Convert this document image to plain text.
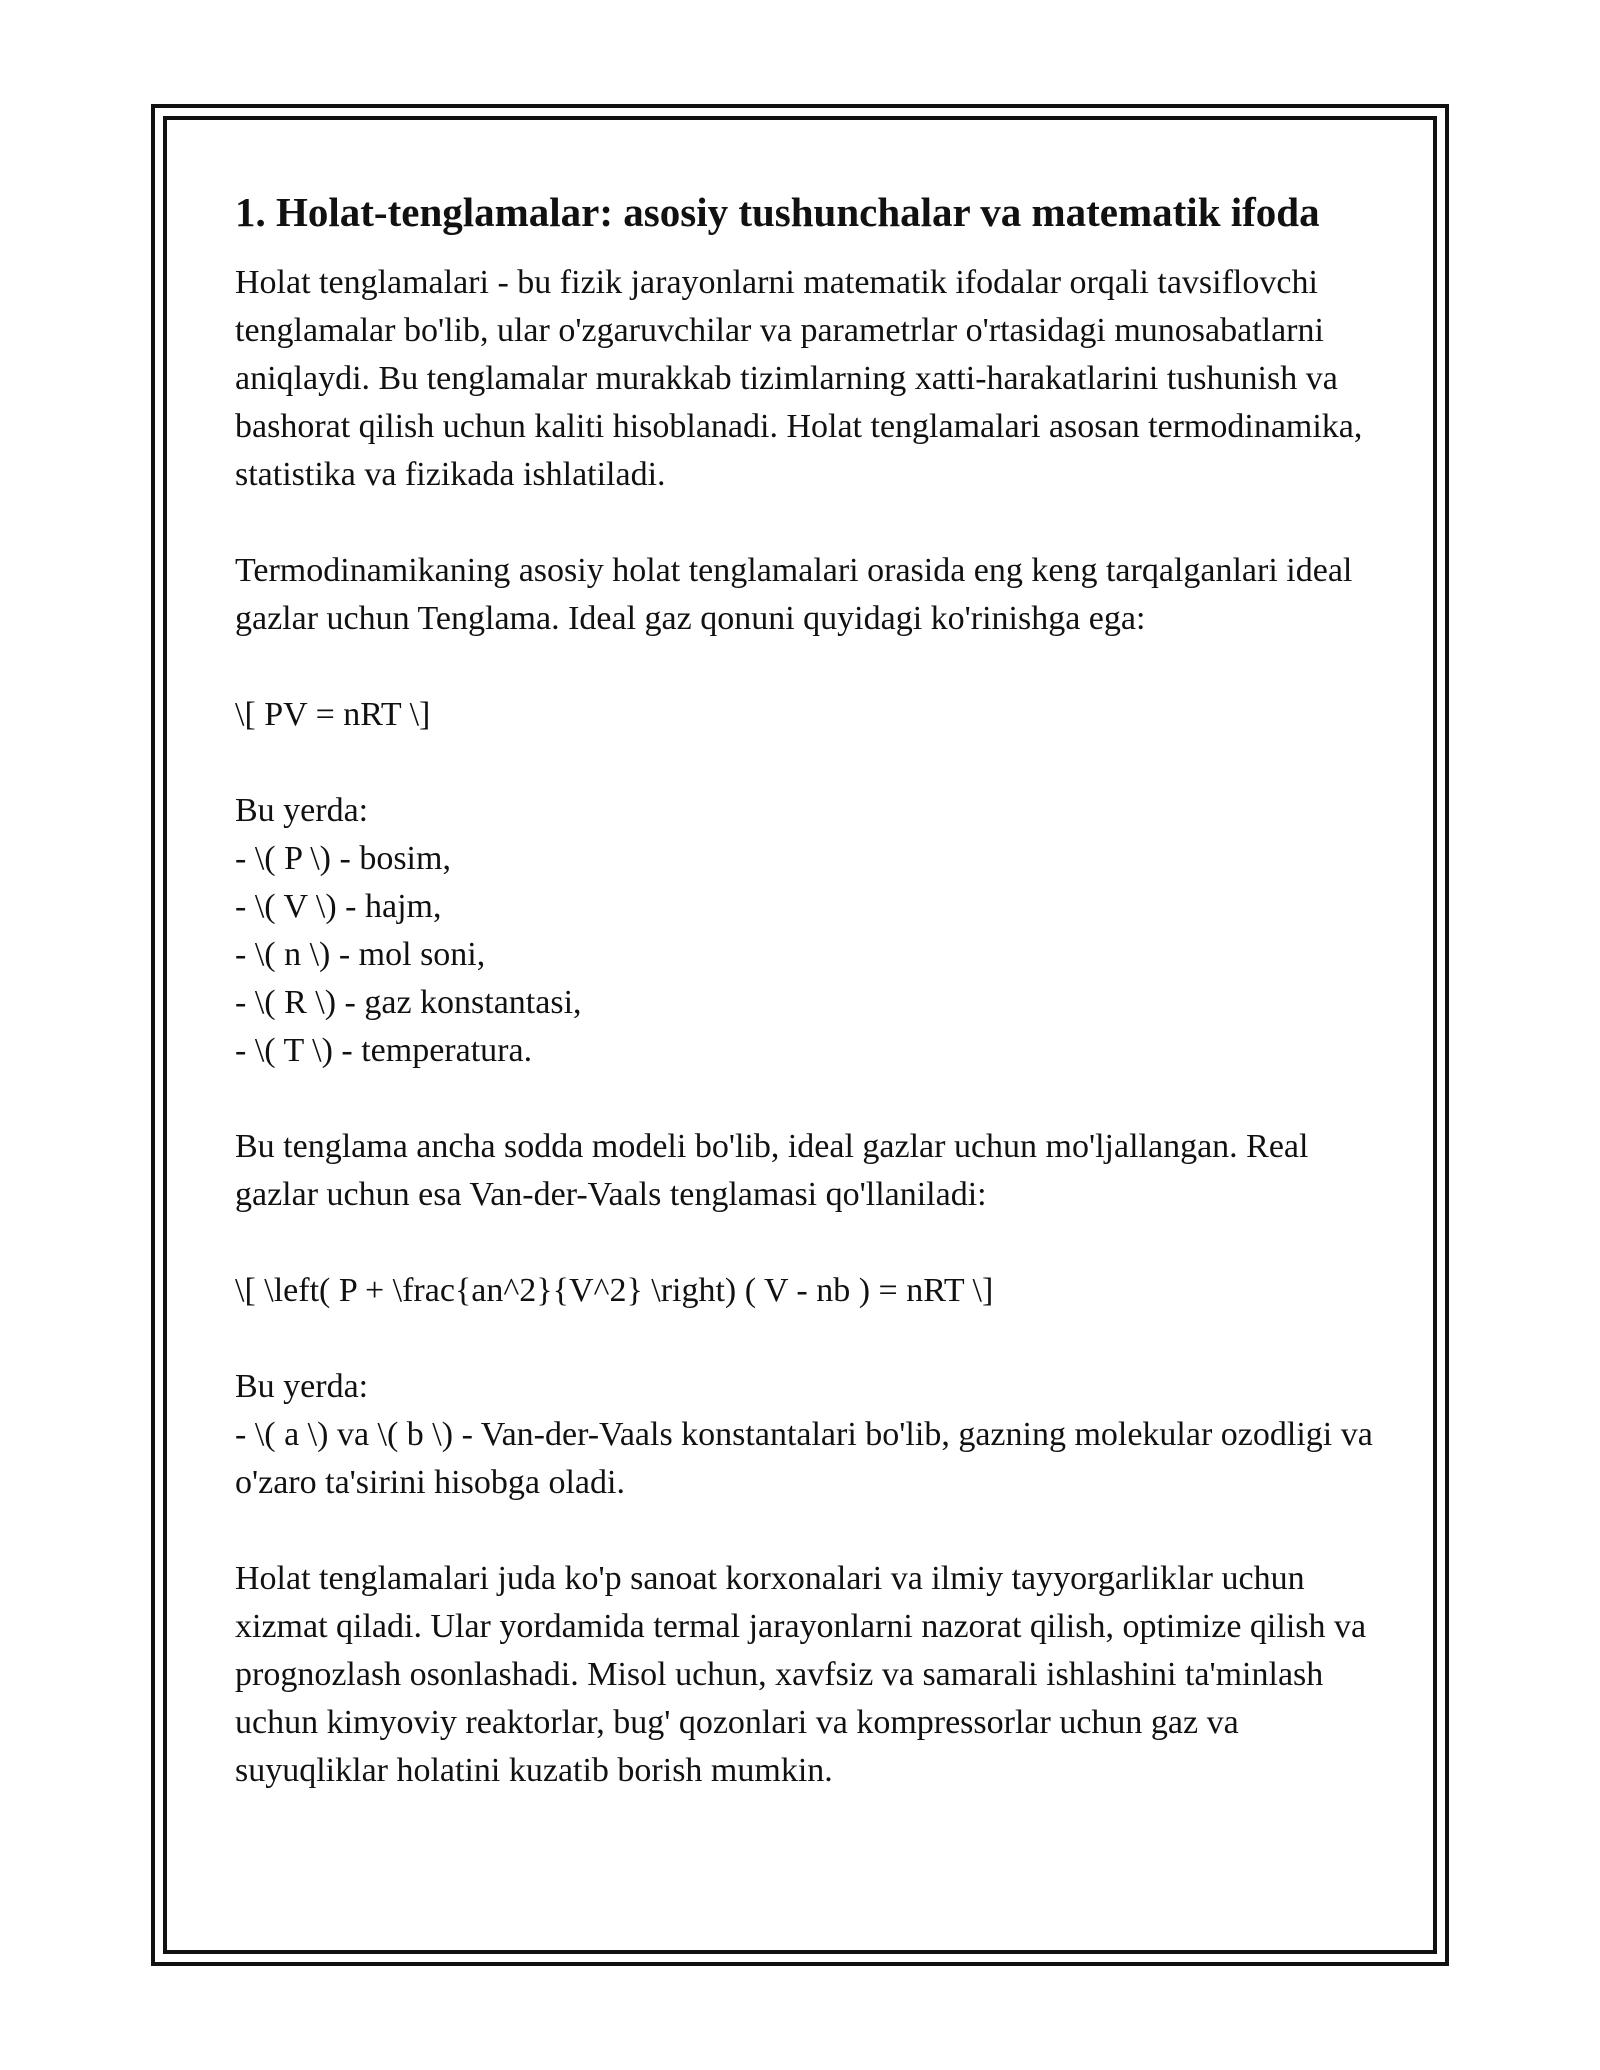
1. Holat-tenglamalar: asosiy tushunchalar va matematik ifoda

Holat tenglamalari - bu fizik jarayonlarni matematik ifodalar orqali tavsiflovchi tenglamalar bo'lib, ular o'zgaruvchilar va parametrlar o'rtasidagi munosabatlarni aniqlaydi. Bu tenglamalar murakkab tizimlarning xatti-harakatlarini tushunish va bashorat qilish uchun kaliti hisoblanadi. Holat tenglamalari asosan termodinamika, statistika va fizikada ishlatiladi.

Termodinamikaning asosiy holat tenglamalari orasida eng keng tarqalganlari ideal gazlar uchun Tenglama. Ideal gaz qonuni quyidagi ko'rinishga ega:

\[ PV = nRT \]

Bu yerda:
- \( P \) - bosim,
- \( V \) - hajm,
- \( n \) - mol soni,
- \( R \) - gaz konstantasi,
- \( T \) - temperatura.

Bu tenglama ancha sodda modeli bo'lib, ideal gazlar uchun mo'ljallangan. Real gazlar uchun esa Van-der-Vaals tenglamasi qo'llaniladi:

\[ \left( P + \frac{an^2}{V^2} \right) ( V - nb ) = nRT \]

Bu yerda:
- \( a \) va \( b \) - Van-der-Vaals konstantalari bo'lib, gazning molekular ozodligi va o'zaro ta'sirini hisobga oladi.

Holat tenglamalari juda ko'p sanoat korxonalari va ilmiy tayyorgarliklar uchun xizmat qiladi. Ular yordamida termal jarayonlarni nazorat qilish, optimize qilish va prognozlash osonlashadi. Misol uchun, xavfsiz va samarali ishlashini ta'minlash uchun kimyoviy reaktorlar, bug' qozonlari va kompressorlar uchun gaz va suyuqliklar holatini kuzatib borish mumkin.
